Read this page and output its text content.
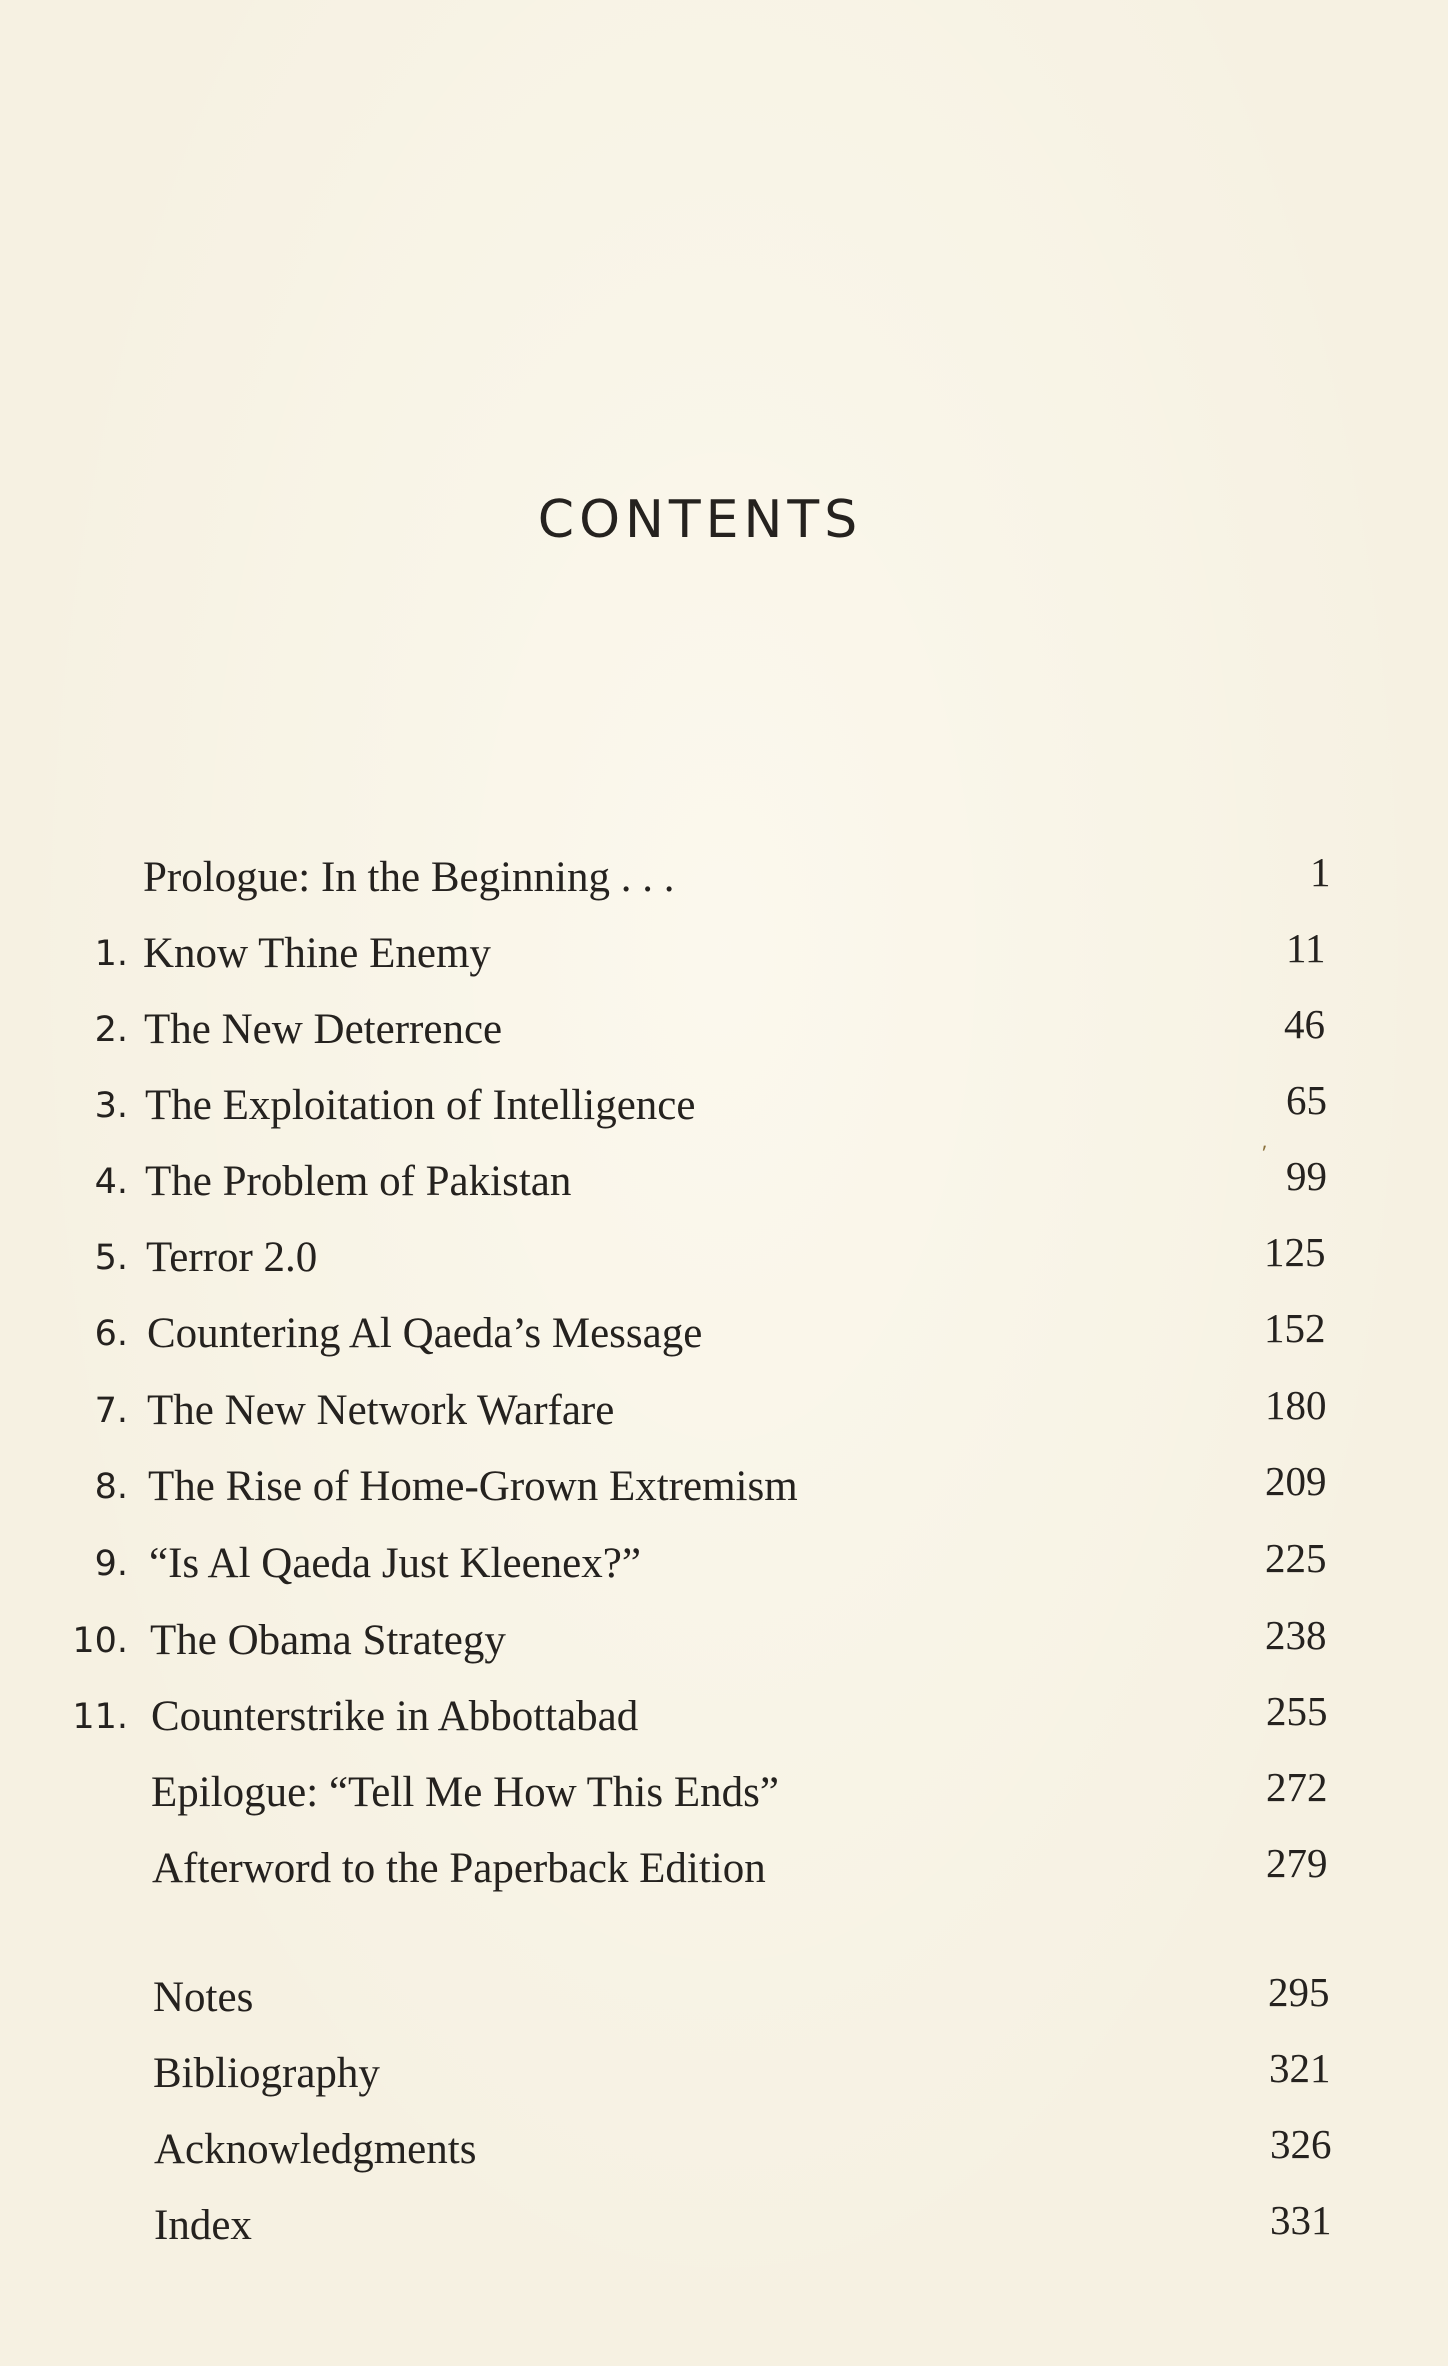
CONTENTS
Prologue: In the Beginning . . .	1
1. Know Thine Enemy	11
2. The New Deterrence	46
3. The Exploitation of Intelligence	65
4. The Problem of Pakistan	99
5. Terror 2.0	125
6. Countering Al Qaeda’s Message	152
7. The New Network Warfare	180
8. The Rise of Home-Grown Extremism	209
9. “Is Al Qaeda Just Kleenex?”	225
10. The Obama Strategy	238
11. Counterstrike in Abbottabad	255
Epilogue: “Tell Me How This Ends”	272
Afterword to the Paperback Edition	279
Notes	295
Bibliography	321
Acknowledgments	326
Index	331
⸴
